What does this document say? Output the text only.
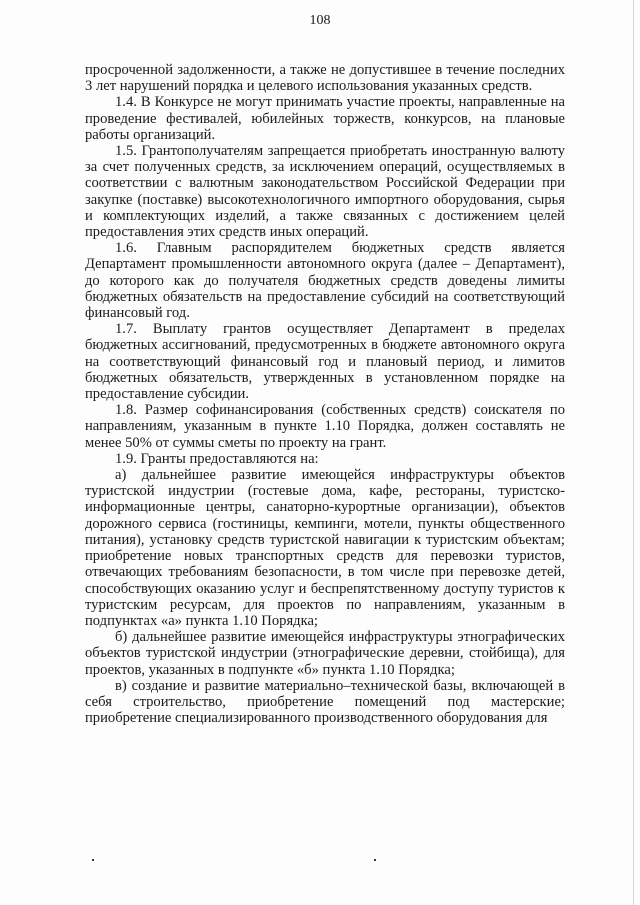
108

просроченной задолженности, а также не допустившее в течение последних 3 лет нарушений порядка и целевого использования указанных средств.

1.4. В Конкурсе не могут принимать участие проекты, направленные на проведение фестивалей, юбилейных торжеств, конкурсов, на плановые работы организаций.

1.5. Грантополучателям запрещается приобретать иностранную валюту за счет полученных средств, за исключением операций, осуществляемых в соответствии с валютным законодательством Российской Федерации при закупке (поставке) высокотехнологичного импортного оборудования, сырья и комплектующих изделий, а также связанных с достижением целей предоставления этих средств иных операций.

1.6. Главным распорядителем бюджетных средств является Департамент промышленности автономного округа (далее – Департамент), до которого как до получателя бюджетных средств доведены лимиты бюджетных обязательств на предоставление субсидий на соответствующий финансовый год.

1.7. Выплату грантов осуществляет Департамент в пределах бюджетных ассигнований, предусмотренных в бюджете автономного округа на соответствующий финансовый год и плановый период, и лимитов бюджетных обязательств, утвержденных в установленном порядке на предоставление субсидии.

1.8. Размер софинансирования (собственных средств) соискателя по направлениям, указанным в пункте 1.10 Порядка, должен составлять не менее 50% от суммы сметы по проекту на грант.

1.9. Гранты предоставляются на:

а) дальнейшее развитие имеющейся инфраструктуры объектов туристской индустрии (гостевые дома, кафе, рестораны, туристско-информационные центры, санаторно-курортные организации), объектов дорожного сервиса (гостиницы, кемпинги, мотели, пункты общественного питания), установку средств туристской навигации к туристским объектам; приобретение новых транспортных средств для перевозки туристов, отвечающих требованиям безопасности, в том числе при перевозке детей, способствующих оказанию услуг и беспрепятственному доступу туристов к туристским ресурсам, для проектов по направлениям, указанным в подпунктах «а» пункта 1.10 Порядка;

б) дальнейшее развитие имеющейся инфраструктуры этнографических объектов туристской индустрии (этнографические деревни, стойбища), для проектов, указанных в подпункте «б» пункта 1.10 Порядка;

в) создание и развитие материально–технической базы, включающей в себя строительство, приобретение помещений под мастерские; приобретение специализированного производственного оборудования для
